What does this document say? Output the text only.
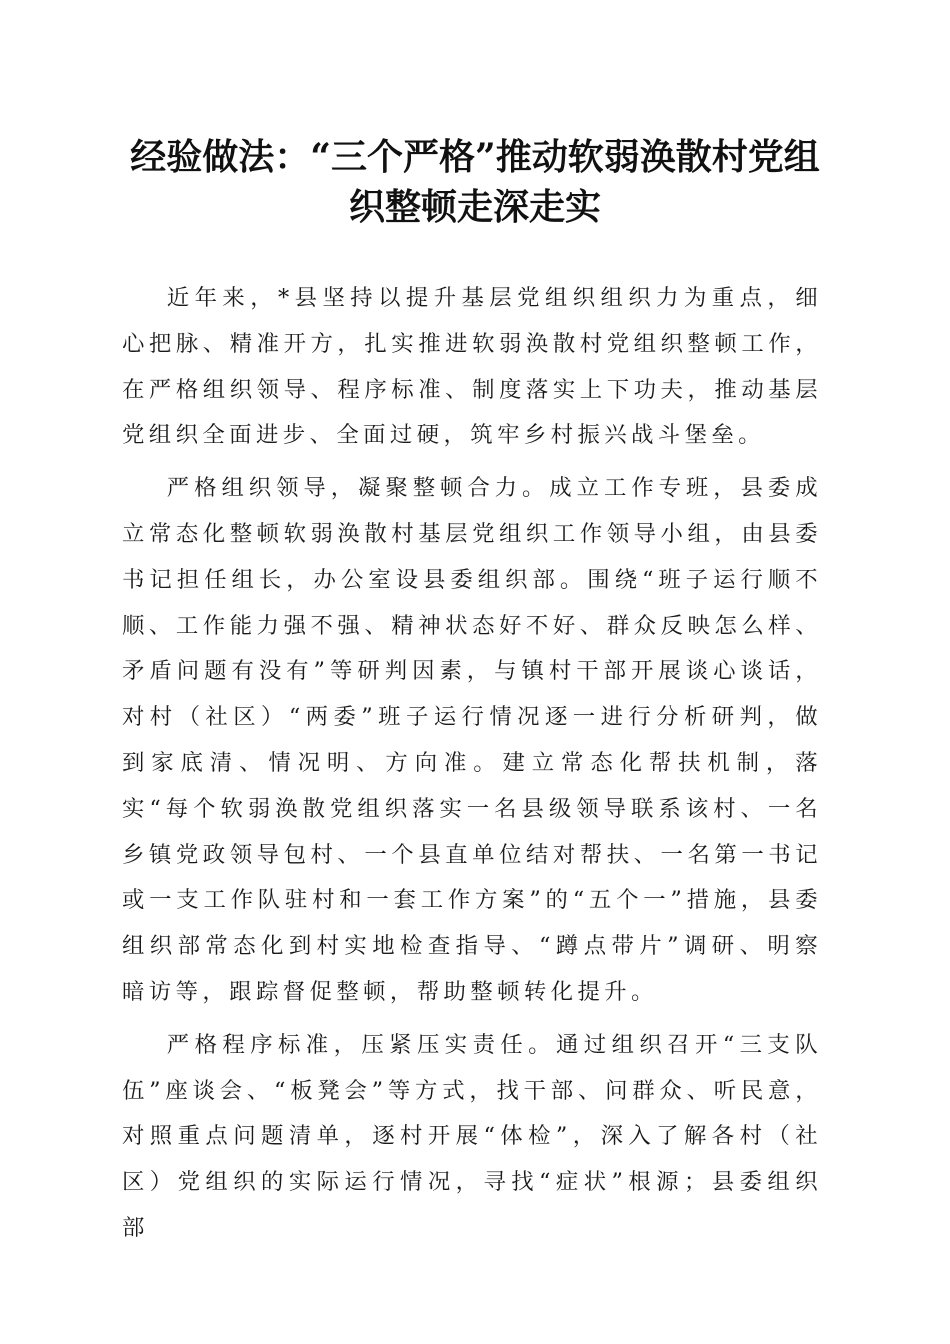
经验做法：“三个严格”推动软弱涣散村党组
织整顿走深走实

近年来，*县坚持以提升基层党组织组织力为重点，细心把脉、精准开方，扎实推进软弱涣散村党组织整顿工作，在严格组织领导、程序标准、制度落实上下功夫，推动基层党组织全面进步、全面过硬，筑牢乡村振兴战斗堡垒。

严格组织领导，凝聚整顿合力。成立工作专班，县委成立常态化整顿软弱涣散村基层党组织工作领导小组，由县委书记担任组长，办公室设县委组织部。围绕“班子运行顺不顺、工作能力强不强、精神状态好不好、群众反映怎么样、矛盾问题有没有”等研判因素，与镇村干部开展谈心谈话，对村（社区）“两委”班子运行情况逐一进行分析研判，做到家底清、情况明、方向准。建立常态化帮扶机制，落实“每个软弱涣散党组织落实一名县级领导联系该村、一名乡镇党政领导包村、一个县直单位结对帮扶、一名第一书记或一支工作队驻村和一套工作方案”的“五个一”措施，县委组织部常态化到村实地检查指导、“蹲点带片”调研、明察暗访等，跟踪督促整顿，帮助整顿转化提升。

严格程序标准，压紧压实责任。通过组织召开“三支队伍”座谈会、“板凳会”等方式，找干部、问群众、听民意，对照重点问题清单，逐村开展“体检”，深入了解各村（社区）党组织的实际运行情况，寻找“症状”根源；县委组织部
